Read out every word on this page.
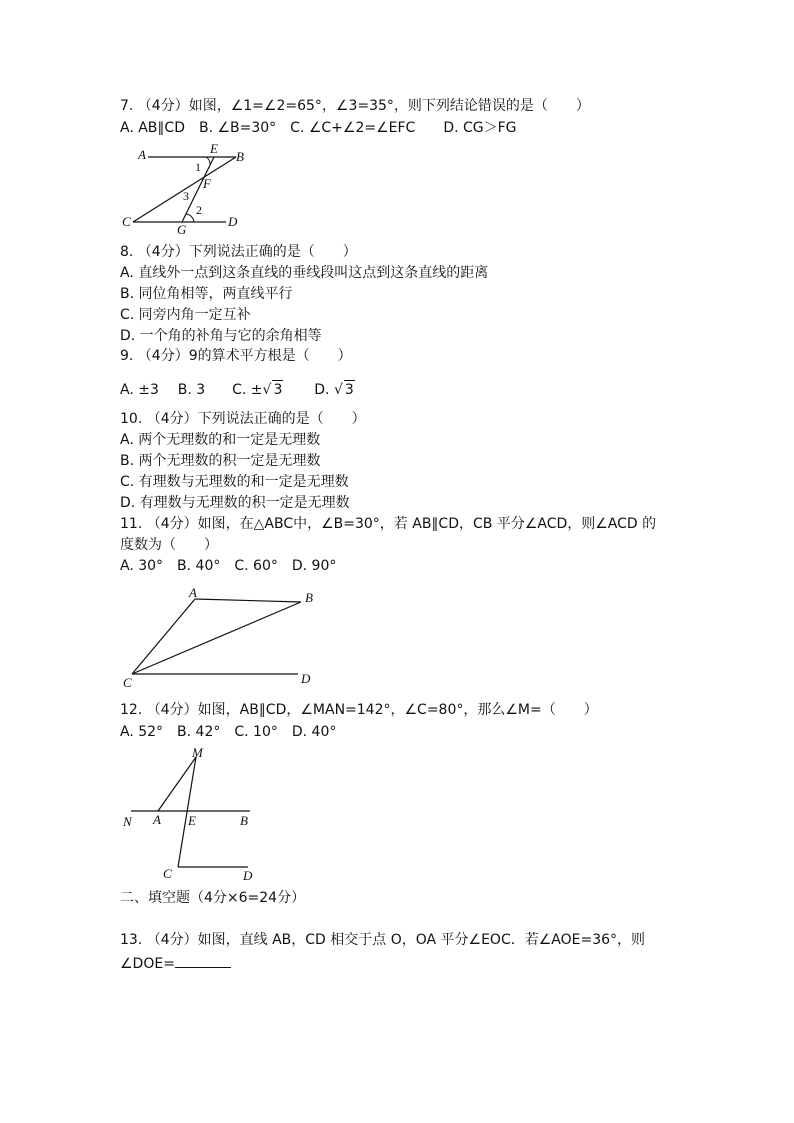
7. （4分）如图，∠1=∠2=65°，∠3=35°，则下列结论错误的是（　　）
A. AB∥CD　B. ∠B=30°　C. ∠C+∠2=∠EFC　　D. CG＞FG
A	E
B
1
F
3
2
C
G
D
8. （4分）下列说法正确的是（　　）
A. 直线外一点到这条直线的垂线段叫这点到这条直线的距离
B. 同位角相等，两直线平行
C. 同旁内角一定互补
D. 一个角的补角与它的余角相等
9. （4分）9的算术平方根是（　　）
A. ±3 B. 3 C. ±√ 3 D. √ 3
10. （4分）下列说法正确的是（　　）
A. 两个无理数的和一定是无理数
B. 两个无理数的积一定是无理数
C. 有理数与无理数的和一定是无理数
D. 有理数与无理数的积一定是无理数
11. （4分）如图，在△ABC中，∠B=30°，若 AB∥CD，CB 平分∠ACD，则∠ACD 的
度数为（　　）
A. 30°　B. 40°　C. 60°　D. 90°
A	B
C	D
12. （4分）如图，AB∥CD，∠MAN=142°，∠C=80°，那么∠M=（　　）
A. 52°　B. 42°　C. 10°　D. 40°
M
N A E	B
C	D
二、填空题（4分×6=24分）
13. （4分）如图，直线 AB，CD 相交于点 O，OA 平分∠EOC．若∠AOE=36°，则
∠DOE=
